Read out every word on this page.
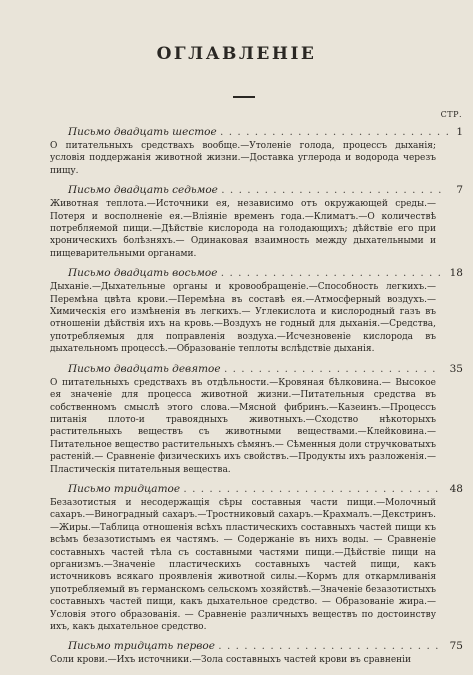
ОГЛАВЛЕНІЕ
СТР.
Письмо двадцать шестое . . . . . . . . . . . . . . . . . . . . . . . . . . . 1
О питательныхъ средствахъ вообще.—Утоленіе голода, процессъ дыханія; условія поддержанія животной жизни.—Доставка углерода и водорода черезъ пищу.
Письмо двадцать седьмое . . . . . . . . . . . . . . . . . . . . . . . . . . 7
Животная теплота.—Источники ея, независимо отъ окружающей среды.—Потеря и восполненіе ея.—Вліяніе временъ года.—Климатъ.—О количествѣ потребляемой пищи.—Дѣйствіе кислорода на голодающихъ; дѣйствіе его при хроническихъ болѣзняхъ.— Одинаковая взаимность между дыхательными и пищеварительными органами.
Письмо двадцать восьмое . . . . . . . . . . . . . . . . . . . . . . . . . . 18
Дыханіе.—Дыхательные органы и кровообращеніе.—Способность легкихъ.—Перемѣна цвѣта крови.—Перемѣна въ составѣ ея.—Атмосферный воздухъ.—Химическія его измѣненія въ легкихъ.— Углекислота и кислородный газъ въ отношеніи дѣйствія ихъ на кровь.—Воздухъ не годный для дыханія.—Средства, употребляемыя для поправленія воздуха.—Исчезновеніе кислорода въ дыхательномъ процессѣ.—Образованіе теплоты вслѣдствіе дыханія.
Письмо двадцать девятое . . . . . . . . . . . . . . . . . . . . . . . . . 35
О питательныхъ средствахъ въ отдѣльности.—Кровяная бѣлковина.— Высокое ея значеніе для процесса животной жизни.—Питательныя средства въ собственномъ смыслѣ этого слова.—Мясной фибринъ.—Казеинъ.—Процессъ питанія плото-и травоядныхъ животныхъ.—Сходство нѣкоторыхъ растительныхъ веществъ съ животными веществами.—Клейковина.—Питательное вещество растительныхъ сѣмянъ.— Сѣменныя доли стручковатыхъ растеній.— Сравненіе физическихъ ихъ свойствъ.—Продукты ихъ разложенія.—Пластическія питательныя вещества.
Письмо тридцатое . . . . . . . . . . . . . . . . . . . . . . . . . . . . . . 48
Безазотистыя и несодержащія сѣры составныя части пищи.—Молочный сахаръ.—Виноградный сахаръ.—Тростниковый сахаръ.—Крахмалъ.—Декстринъ.—Жиры.—Таблица отношенія всѣхъ пластическихъ составныхъ частей пищи къ всѣмъ безазотистымъ ея частямъ. — Содержаніе въ нихъ воды. — Сравненіе составныхъ частей тѣла съ составными частями пищи.—Дѣйствіе пищи на организмъ.—Значеніе пластическихъ составныхъ частей пищи, какъ источниковъ всякаго проявленія животной силы.—Кормъ для откармливанія употребляемый въ германскомъ сельскомъ хозяйствѣ.—Значеніе безазотистыхъ составныхъ частей пищи, какъ дыхательное средство. — Образованіе жира.— Условія этого образованія. — Сравненіе различныхъ веществъ по достоинству ихъ, какъ дыхательное средство.
Письмо тридцать первое . . . . . . . . . . . . . . . . . . . . . . . . . . 75
Соли крови.—Ихъ источники.—Зола составныхъ частей крови въ сравненіи
